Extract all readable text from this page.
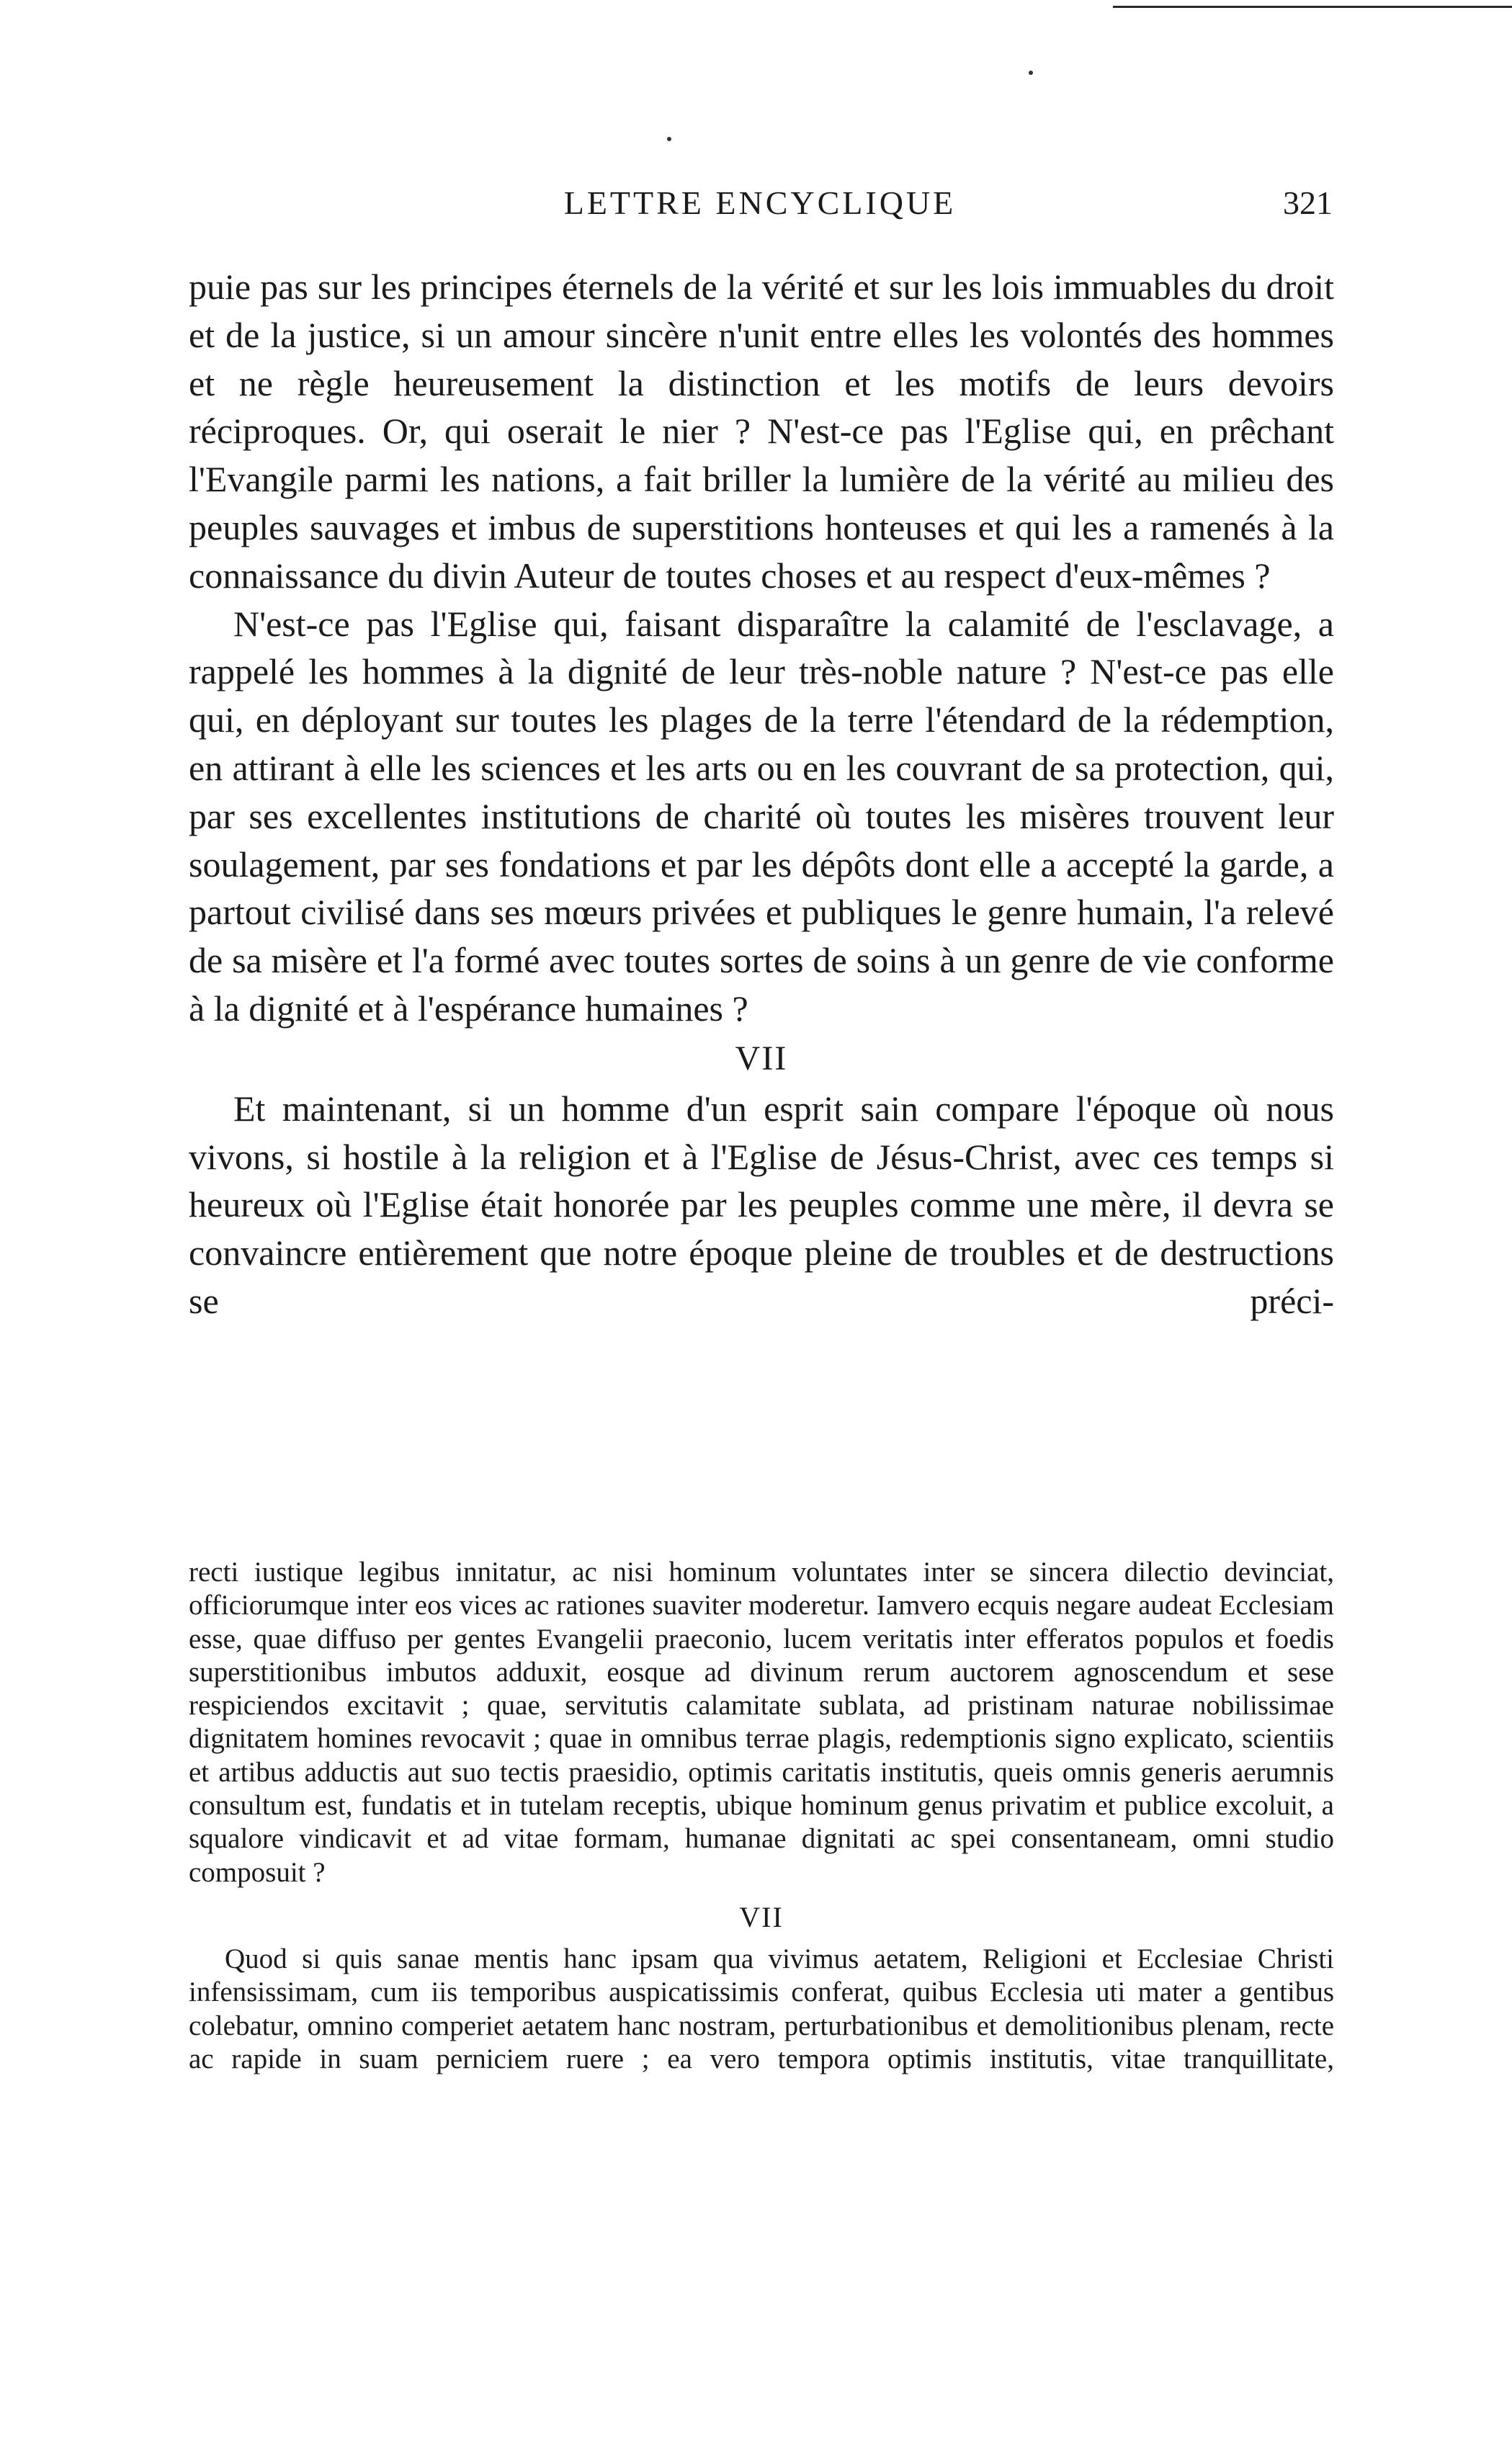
LETTRE ENCYCLIQUE	321

puie pas sur les principes éternels de la vérité et sur les lois immuables du droit et de la justice, si un amour sincère n'unit entre elles les volontés des hommes et ne règle heureusement la distinction et les motifs de leurs devoirs réciproques. Or, qui oserait le nier ? N'est-ce pas l'Eglise qui, en prêchant l'Evangile parmi les nations, a fait briller la lumière de la vérité au milieu des peuples sauvages et imbus de superstitions honteuses et qui les a ramenés à la connaissance du divin Auteur de toutes choses et au respect d'eux-mêmes ?

N'est-ce pas l'Eglise qui, faisant disparaître la calamité de l'esclavage, a rappelé les hommes à la dignité de leur très-noble nature ? N'est-ce pas elle qui, en déployant sur toutes les plages de la terre l'étendard de la rédemption, en attirant à elle les sciences et les arts ou en les couvrant de sa protection, qui, par ses excellentes institutions de charité où toutes les misères trouvent leur soulagement, par ses fondations et par les dépôts dont elle a accepté la garde, a partout civilisé dans ses mœurs privées et publiques le genre humain, l'a relevé de sa misère et l'a formé avec toutes sortes de soins à un genre de vie conforme à la dignité et à l'espérance humaines ?

VII

Et maintenant, si un homme d'un esprit sain compare l'époque où nous vivons, si hostile à la religion et à l'Eglise de Jésus-Christ, avec ces temps si heureux où l'Eglise était honorée par les peuples comme une mère, il devra se convaincre entièrement que notre époque pleine de troubles et de destructions se préci-

recti iustique legibus innitatur, ac nisi hominum voluntates inter se sincera dilectio devinciat, officiorumque inter eos vices ac rationes suaviter moderetur. Iamvero ecquis negare audeat Ecclesiam esse, quae diffuso per gentes Evangelii praeconio, lucem veritatis inter efferatos populos et foedis superstitionibus imbutos adduxit, eosque ad divinum rerum auctorem agnoscendum et sese respiciendos excitavit ; quae, servitutis calamitate sublata, ad pristinam naturae nobilissimae dignitatem homines revocavit ; quae in omnibus terrae plagis, redemptionis signo explicato, scientiis et artibus adductis aut suo tectis praesidio, optimis caritatis institutis, queis omnis generis aerumnis consultum est, fundatis et in tutelam receptis, ubique hominum genus privatim et publice excoluit, a squalore vindicavit et ad vitae formam, humanae dignitati ac spei consentaneam, omni studio composuit ?

VII

Quod si quis sanae mentis hanc ipsam qua vivimus aetatem, Religioni et Ecclesiae Christi infensissimam, cum iis temporibus auspicatissimis conferat, quibus Ecclesia uti mater a gentibus colebatur, omnino comperiet aetatem hanc nostram, perturbationibus et demolitionibus plenam, recte ac rapide in suam perniciem ruere ; ea vero tempora optimis institutis, vitae tranquillitate,
